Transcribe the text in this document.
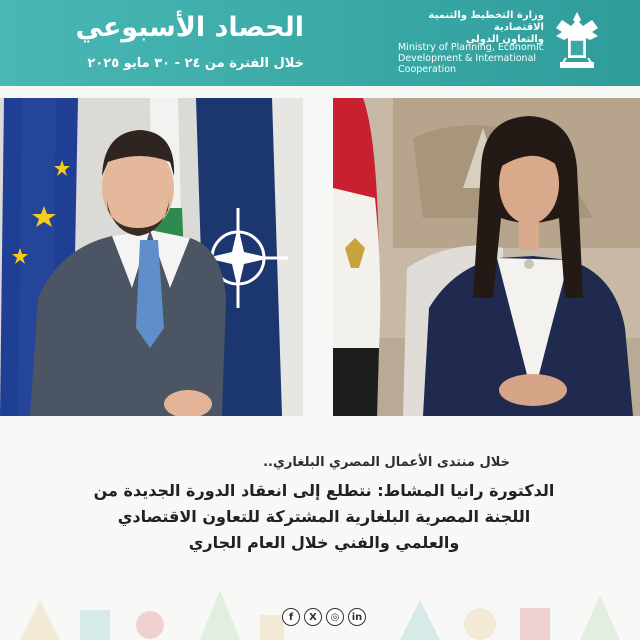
الحصاد الأسبوعي
خلال الفترة من ٢٤ - ٣٠ مايو ٢٠٢٥
وزارة التخطيط والتنمية الاقتصادية
والتعاون الدولي
Ministry of Planning, Economic
Development & International
Cooperation
خلال منتدى الأعمال المصري البلغاري..
الدكتورة رانيا المشاط: نتطلع إلى انعقاد الدورة الجديدة من
اللجنة المصرية البلغارية المشتركة للتعاون الاقتصادي
والعلمي والفني خلال العام الجاري
f	X	◎	in
